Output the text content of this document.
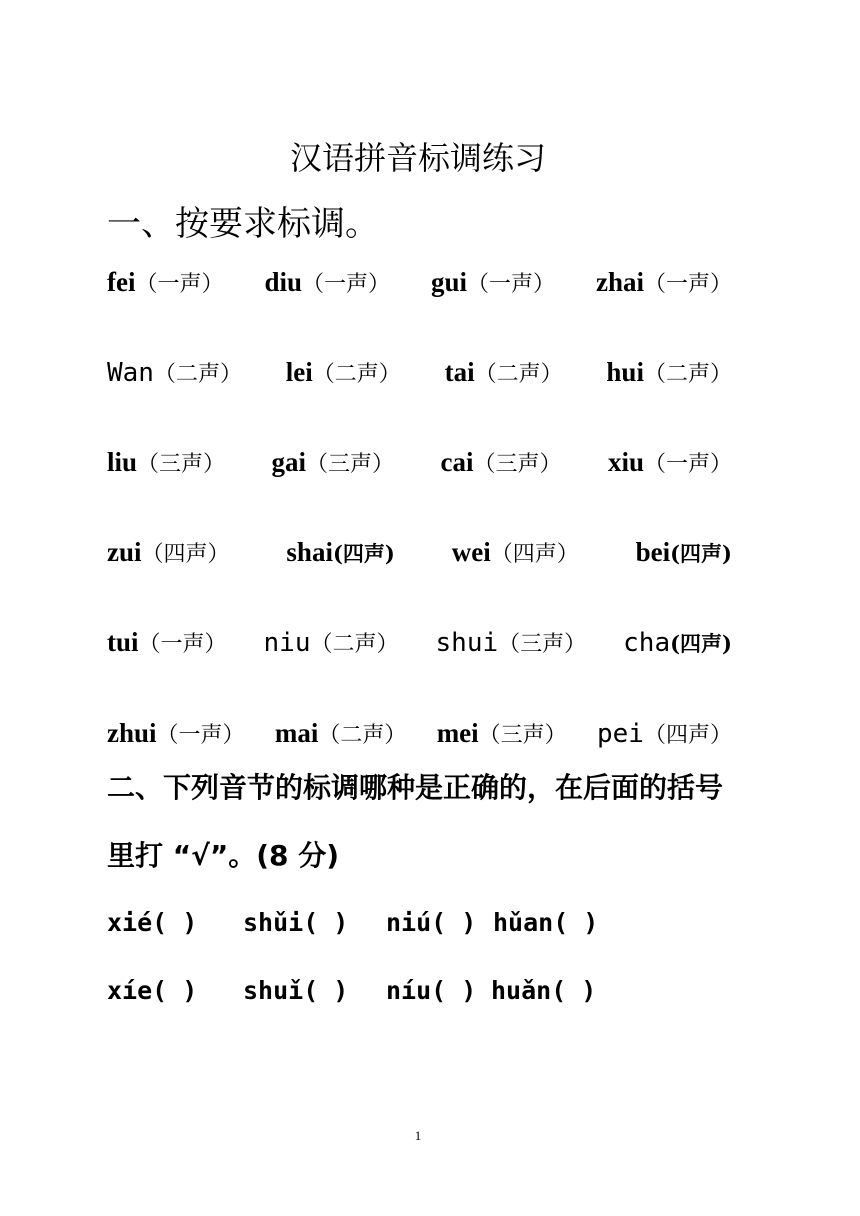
汉语拼音标调练习
一、按要求标调。
fei （一声） diu （一声） gui （一声） zhai （一声）
Wan （二声） lei （二声） tai （二声） hui （二声）
liu （三声） gai （三声） cai （三声） xiu （一声）
zui （四声） shai (四声) wei （四声） bei (四声)
tui （一声） niu （二声） shui （三声） cha (四声)
zhui （一声） mai （二声） mei （三声） pei （四声）
二、下列音节的标调哪种是正确的，在后面的括号
里打 “√”。(8 分)
xié( ) shǔi( ) niú( ) hǔan( )
xíe( ) shuǐ( ) níu( ) huǎn( )
1
